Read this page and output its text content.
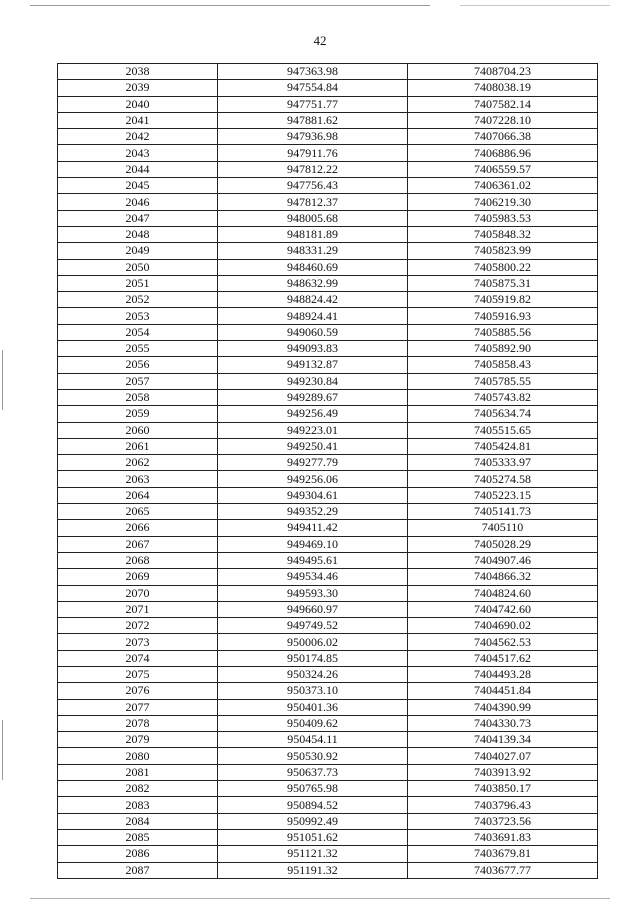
42
2038	947363.98	7408704.23
2039	947554.84	7408038.19
2040	947751.77	7407582.14
2041	947881.62	7407228.10
2042	947936.98	7407066.38
2043	947911.76	7406886.96
2044	947812.22	7406559.57
2045	947756.43	7406361.02
2046	947812.37	7406219.30
2047	948005.68	7405983.53
2048	948181.89	7405848.32
2049	948331.29	7405823.99
2050	948460.69	7405800.22
2051	948632.99	7405875.31
2052	948824.42	7405919.82
2053	948924.41	7405916.93
2054	949060.59	7405885.56
2055	949093.83	7405892.90
2056	949132.87	7405858.43
2057	949230.84	7405785.55
2058	949289.67	7405743.82
2059	949256.49	7405634.74
2060	949223.01	7405515.65
2061	949250.41	7405424.81
2062	949277.79	7405333.97
2063	949256.06	7405274.58
2064	949304.61	7405223.15
2065	949352.29	7405141.73
2066	949411.42	7405110
2067	949469.10	7405028.29
2068	949495.61	7404907.46
2069	949534.46	7404866.32
2070	949593.30	7404824.60
2071	949660.97	7404742.60
2072	949749.52	7404690.02
2073	950006.02	7404562.53
2074	950174.85	7404517.62
2075	950324.26	7404493.28
2076	950373.10	7404451.84
2077	950401.36	7404390.99
2078	950409.62	7404330.73
2079	950454.11	7404139.34
2080	950530.92	7404027.07
2081	950637.73	7403913.92
2082	950765.98	7403850.17
2083	950894.52	7403796.43
2084	950992.49	7403723.56
2085	951051.62	7403691.83
2086	951121.32	7403679.81
2087	951191.32	7403677.77
